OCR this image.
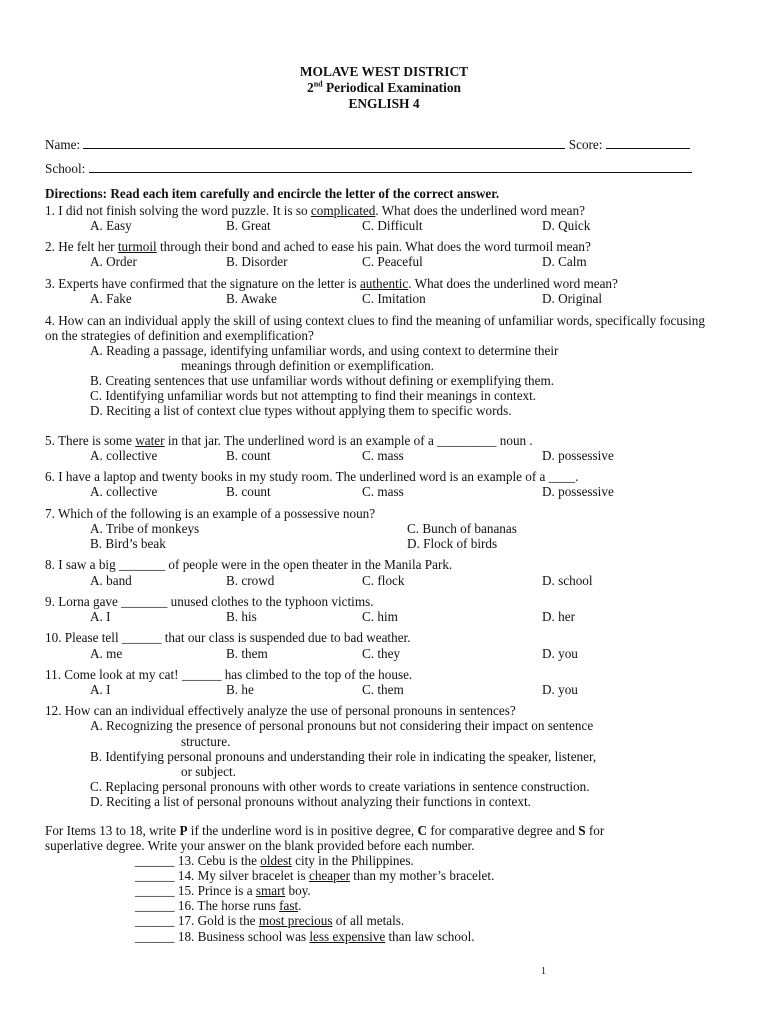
MOLAVE WEST DISTRICT
2nd Periodical Examination
ENGLISH 4
Name:	Score:
School:
Directions: Read each item carefully and encircle the letter of the correct answer.
1. I did not finish solving the word puzzle. It is so complicated. What does the underlined word mean?
A. Easy	B. Great	C. Difficult	D. Quick
2. He felt her turmoil through their bond and ached to ease his pain. What does the word turmoil mean?
A. Order	B. Disorder	C. Peaceful	D. Calm
3. Experts have confirmed that the signature on the letter is authentic. What does the underlined word mean?
A. Fake	B. Awake	C. Imitation	D. Original
4. How can an individual apply the skill of using context clues to find the meaning of unfamiliar words, specifically focusing on the strategies of definition and exemplification?
A. Reading a passage, identifying unfamiliar words, and using context to determine their
meanings through definition or exemplification.
B. Creating sentences that use unfamiliar words without defining or exemplifying them.
C. Identifying unfamiliar words but not attempting to find their meanings in context.
D. Reciting a list of context clue types without applying them to specific words.
5. There is some water in that jar. The underlined word is an example of a _________ noun .
A. collective	B. count	C. mass	D. possessive
6. I have a laptop and twenty books in my study room. The underlined word is an example of a ____.
A. collective	B. count	C. mass	D. possessive
7. Which of the following is an example of a possessive noun?
A. Tribe of monkeys	C. Bunch of bananas
B. Bird’s beak	D. Flock of birds
8. I saw a big _______ of people were in the open theater in the Manila Park.
A. band	B. crowd	C. flock	D. school
9. Lorna gave _______ unused clothes to the typhoon victims.
A. I	B. his	C. him	D. her
10. Please tell ______ that our class is suspended due to bad weather.
A. me	B. them	C. they	D. you
11. Come look at my cat! ______ has climbed to the top of the house.
A. I	B. he	C. them	D. you
12. How can an individual effectively analyze the use of personal pronouns in sentences?
A. Recognizing the presence of personal pronouns but not considering their impact on sentence
structure.
B. Identifying personal pronouns and understanding their role in indicating the speaker, listener,
or subject.
C. Replacing personal pronouns with other words to create variations in sentence construction.
D. Reciting a list of personal pronouns without analyzing their functions in context.
For Items 13 to 18, write P if the underline word is in positive degree, C for comparative degree and S for
superlative degree. Write your answer on the blank provided before each number.
______ 13. Cebu is the oldest city in the Philippines.
______ 14. My silver bracelet is cheaper than my mother’s bracelet.
______ 15. Prince is a smart boy.
______ 16. The horse runs fast.
______ 17. Gold is the most precious of all metals.
______ 18. Business school was less expensive than law school.
1
